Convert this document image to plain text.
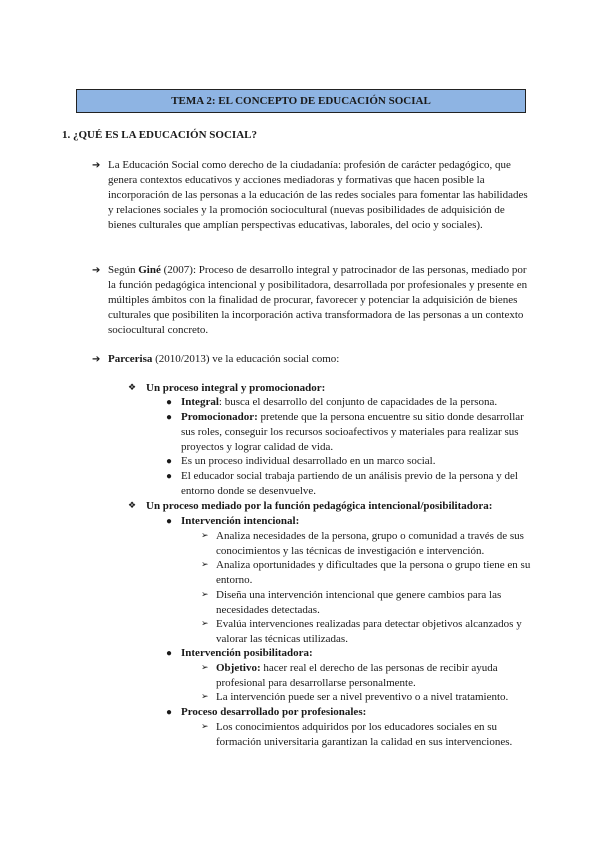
TEMA 2: EL CONCEPTO DE EDUCACIÓN SOCIAL
1. ¿QUÉ ES LA EDUCACIÓN SOCIAL?
➔ La Educación Social como derecho de la ciudadanía: profesión de carácter pedagógico, que genera contextos educativos y acciones mediadoras y formativas que hacen posible la incorporación de las personas a la educación de las redes sociales para fomentar las habilidades y relaciones sociales y la promoción sociocultural (nuevas posibilidades de adquisición de bienes culturales que amplían perspectivas educativas, laborales, del ocio y sociales).
➔ Según Giné (2007): Proceso de desarrollo integral y patrocinador de las personas, mediado por la función pedagógica intencional y posibilitadora, desarrollada por profesionales y presente en múltiples ámbitos con la finalidad de procurar, favorecer y potenciar la adquisición de bienes culturales que posibiliten la incorporación activa transformadora de las personas a un contexto sociocultural concreto.
➔ Parcerisa (2010/2013) ve la educación social como:
❖ Un proceso integral y promocionador:
● Integral: busca el desarrollo del conjunto de capacidades de la persona.
● Promocionador: pretende que la persona encuentre su sitio donde desarrollar sus roles, conseguir los recursos socioafectivos y materiales para realizar sus proyectos y lograr calidad de vida.
● Es un proceso individual desarrollado en un marco social.
● El educador social trabaja partiendo de un análisis previo de la persona y del entorno donde se desenvuelve.
❖ Un proceso mediado por la función pedagógica intencional/posibilitadora:
● Intervención intencional:
➢ Analiza necesidades de la persona, grupo o comunidad a través de sus conocimientos y las técnicas de investigación e intervención.
➢ Analiza oportunidades y dificultades que la persona o grupo tiene en su entorno.
➢ Diseña una intervención intencional que genere cambios para las necesidades detectadas.
➢ Evalúa intervenciones realizadas para detectar objetivos alcanzados y valorar las técnicas utilizadas.
● Intervención posibilitadora:
➢ Objetivo: hacer real el derecho de las personas de recibir ayuda profesional para desarrollarse personalmente.
➢ La intervención puede ser a nivel preventivo o a nivel tratamiento.
● Proceso desarrollado por profesionales:
➢ Los conocimientos adquiridos por los educadores sociales en su formación universitaria garantizan la calidad en sus intervenciones.
